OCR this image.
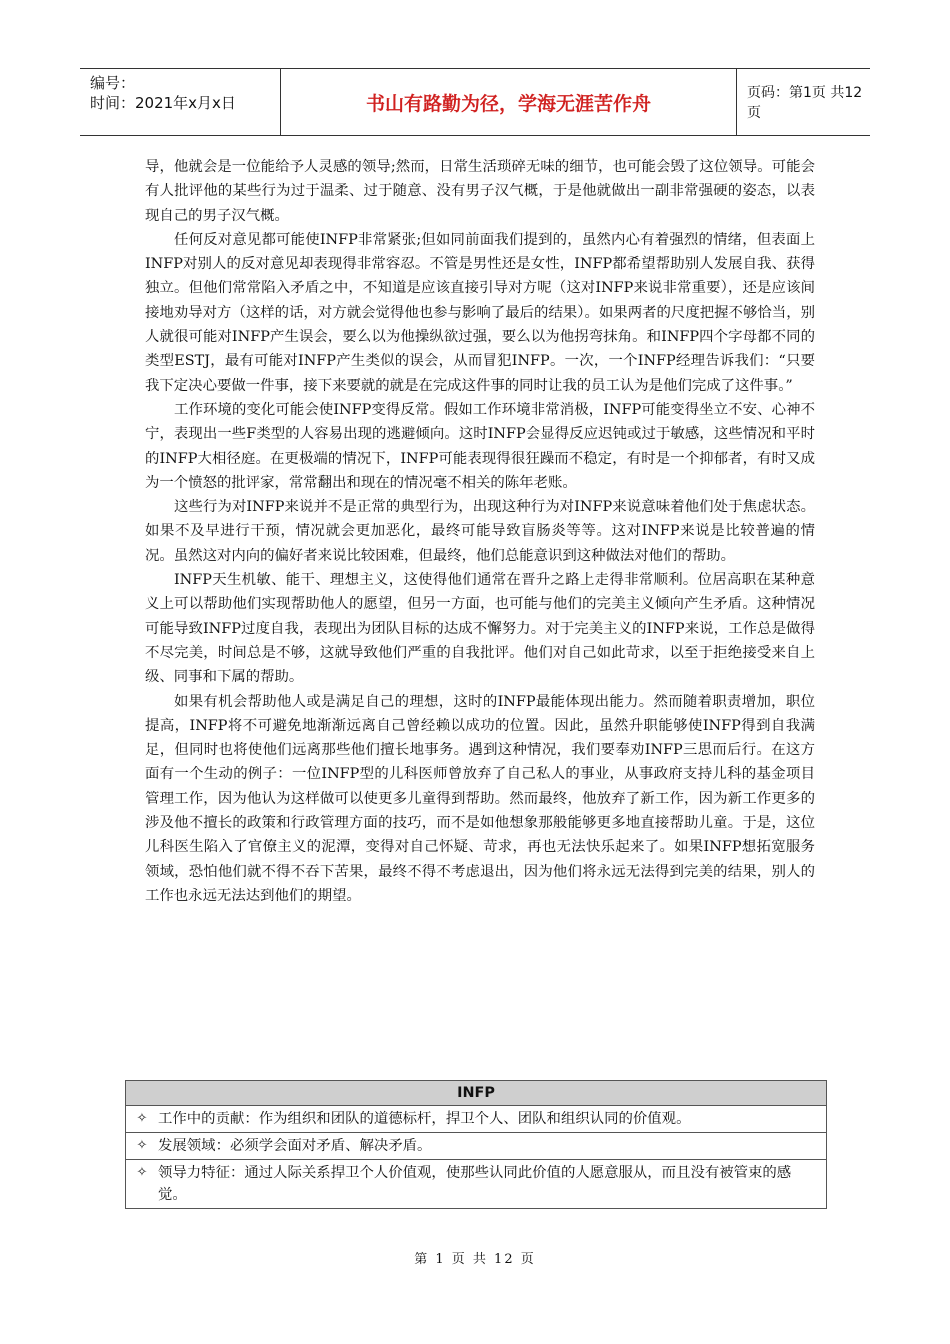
编号：
时间：2021年x月x日	书山有路勤为径，学海无涯苦作舟	页码：第1页 共12页

导，他就会是一位能给予人灵感的领导;然而，日常生活琐碎无味的细节，也可能会毁了这位领导。可能会有人批评他的某些行为过于温柔、过于随意、没有男子汉气概，于是他就做出一副非常强硬的姿态，以表现自己的男子汉气概。

任何反对意见都可能使INFP非常紧张;但如同前面我们提到的，虽然内心有着强烈的情绪，但表面上INFP对别人的反对意见却表现得非常容忍。不管是男性还是女性，INFP都希望帮助别人发展自我、获得独立。但他们常常陷入矛盾之中，不知道是应该直接引导对方呢（这对INFP来说非常重要），还是应该间接地劝导对方（这样的话，对方就会觉得他也参与影响了最后的结果）。如果两者的尺度把握不够恰当，别人就很可能对INFP产生误会，要么以为他操纵欲过强，要么以为他拐弯抹角。和INFP四个字母都不同的类型ESTJ，最有可能对INFP产生类似的误会，从而冒犯INFP。一次，一个INFP经理告诉我们：“只要我下定决心要做一件事，接下来要就的就是在完成这件事的同时让我的员工认为是他们完成了这件事。”

工作环境的变化可能会使INFP变得反常。假如工作环境非常消极，INFP可能变得坐立不安、心神不宁，表现出一些F类型的人容易出现的逃避倾向。这时INFP会显得反应迟钝或过于敏感，这些情况和平时的INFP大相径庭。在更极端的情况下，INFP可能表现得很狂躁而不稳定，有时是一个抑郁者，有时又成为一个愤怒的批评家，常常翻出和现在的情况毫不相关的陈年老账。

这些行为对INFP来说并不是正常的典型行为，出现这种行为对INFP来说意味着他们处于焦虑状态。如果不及早进行干预，情况就会更加恶化，最终可能导致盲肠炎等等。这对INFP来说是比较普遍的情况。虽然这对内向的偏好者来说比较困难，但最终，他们总能意识到这种做法对他们的帮助。

INFP天生机敏、能干、理想主义，这使得他们通常在晋升之路上走得非常顺利。位居高职在某种意义上可以帮助他们实现帮助他人的愿望，但另一方面，也可能与他们的完美主义倾向产生矛盾。这种情况可能导致INFP过度自我，表现出为团队目标的达成不懈努力。对于完美主义的INFP来说，工作总是做得不尽完美，时间总是不够，这就导致他们严重的自我批评。他们对自己如此苛求，以至于拒绝接受来自上级、同事和下属的帮助。

如果有机会帮助他人或是满足自己的理想，这时的INFP最能体现出能力。然而随着职责增加，职位提高，INFP将不可避免地渐渐远离自己曾经赖以成功的位置。因此，虽然升职能够使INFP得到自我满足，但同时也将使他们远离那些他们擅长地事务。遇到这种情况，我们要奉劝INFP三思而后行。在这方面有一个生动的例子：一位INFP型的儿科医师曾放弃了自己私人的事业，从事政府支持儿科的基金项目管理工作，因为他认为这样做可以使更多儿童得到帮助。然而最终，他放弃了新工作，因为新工作更多的涉及他不擅长的政策和行政管理方面的技巧，而不是如他想象那般能够更多地直接帮助儿童。于是，这位儿科医生陷入了官僚主义的泥潭，变得对自己怀疑、苛求，再也无法快乐起来了。如果INFP想拓宽服务领域，恐怕他们就不得不吞下苦果，最终不得不考虑退出，因为他们将永远无法得到完美的结果，别人的工作也永远无法达到他们的期望。

INFP
✧ 工作中的贡献：作为组织和团队的道德标杆，捍卫个人、团队和组织认同的价值观。
✧ 发展领域：必须学会面对矛盾、解决矛盾。
✧ 领导力特征：通过人际关系捍卫个人价值观，使那些认同此价值的人愿意服从，而且没有被管束的感觉。
第 1 页 共 12 页
